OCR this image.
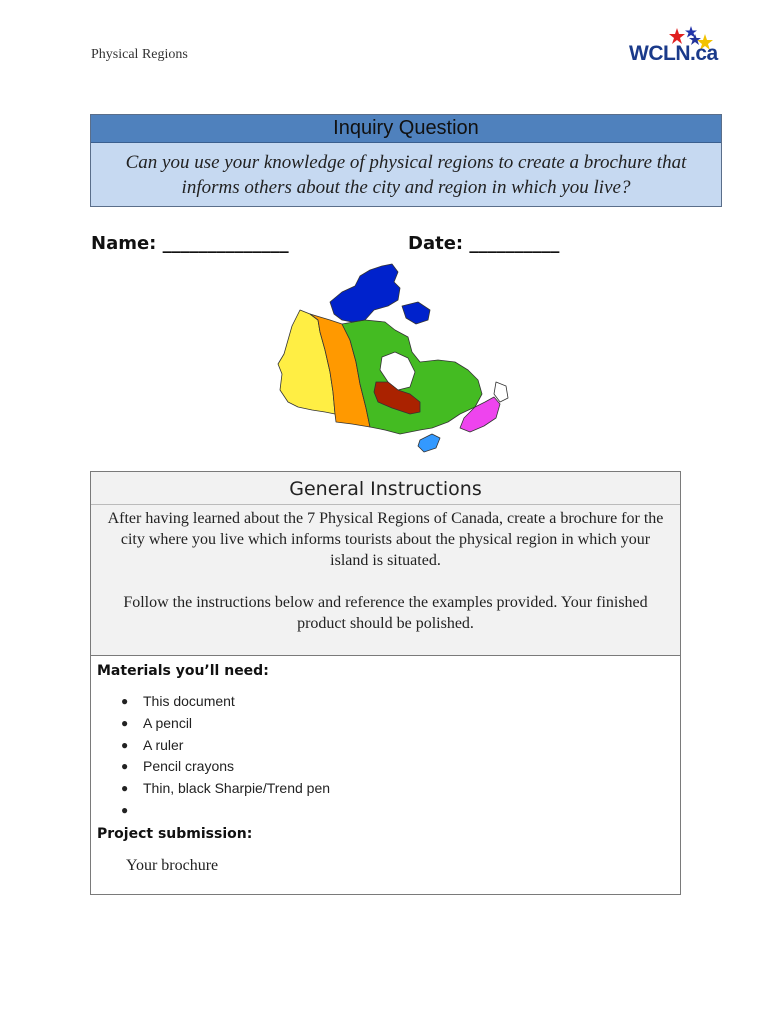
Physical Regions	WCLN.ca
Inquiry Question
Can you use your knowledge of physical regions to create a brochure that informs others about the city and region in which you live?
Name: ______________	Date: __________
General Instructions

After having learned about the 7 Physical Regions of Canada, create a brochure for the city where you live which informs tourists about the physical region in which your island is situated.

Follow the instructions below and reference the examples provided. Your finished product should be polished.

Materials you’ll need:
● This document
● A pencil
● A ruler
● Pencil crayons
● Thin, black Sharpie/Trend pen
●
Project submission:
Your brochure
